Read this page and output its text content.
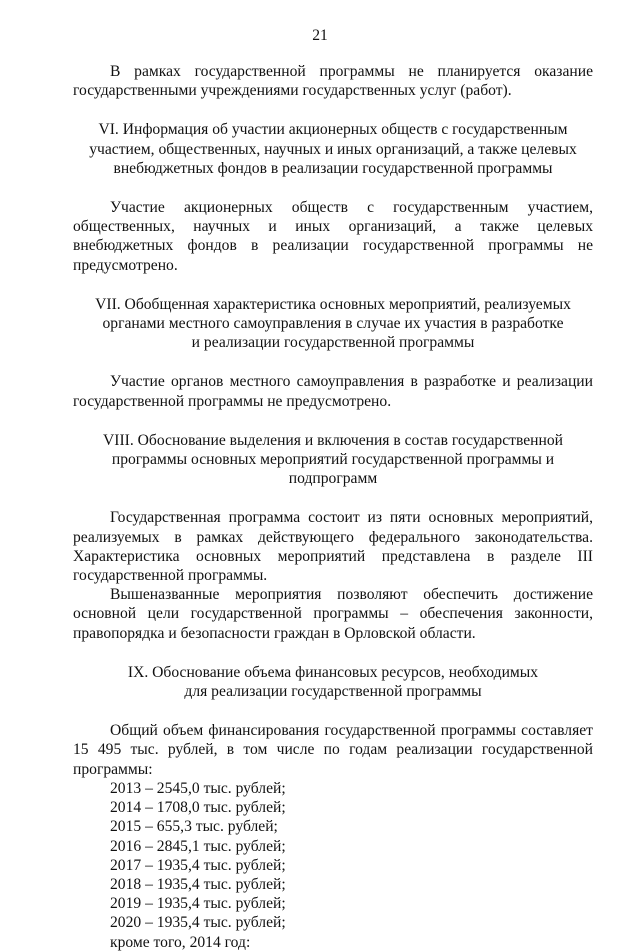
21

В рамках государственной программы не планируется оказание государственными учреждениями государственных услуг (работ).

VI. Информация об участии акционерных обществ с государственным
участием, общественных, научных и иных организаций, а также целевых
внебюджетных фондов в реализации государственной программы

Участие акционерных обществ с государственным участием, общественных, научных и иных организаций, а также целевых внебюджетных фондов в реализации государственной программы не предусмотрено.

VII. Обобщенная характеристика основных мероприятий, реализуемых
органами местного самоуправления в случае их участия в разработке
и реализации государственной программы

Участие органов местного самоуправления в разработке и реализации государственной программы не предусмотрено.

VIII. Обоснование выделения и включения в состав государственной
программы основных мероприятий государственной программы и подпрограмм

Государственная программа состоит из пяти основных мероприятий, реализуемых в рамках действующего федерального законодательства. Характеристика основных мероприятий представлена в разделе III государственной программы.

Вышеназванные мероприятия позволяют обеспечить достижение основной цели государственной программы – обеспечения законности, правопорядка и безопасности граждан в Орловской области.

IX. Обоснование объема финансовых ресурсов, необходимых
для реализации государственной программы

Общий объем финансирования государственной программы составляет 15 495 тыс. рублей, в том числе по годам реализации государственной программы:

2013 – 2545,0 тыс. рублей;
2014 – 1708,0 тыс. рублей;
2015 – 655,3 тыс. рублей;
2016 – 2845,1 тыс. рублей;
2017 – 1935,4 тыс. рублей;
2018 – 1935,4 тыс. рублей;
2019 – 1935,4 тыс. рублей;
2020 – 1935,4 тыс. рублей;
кроме того, 2014 год:
